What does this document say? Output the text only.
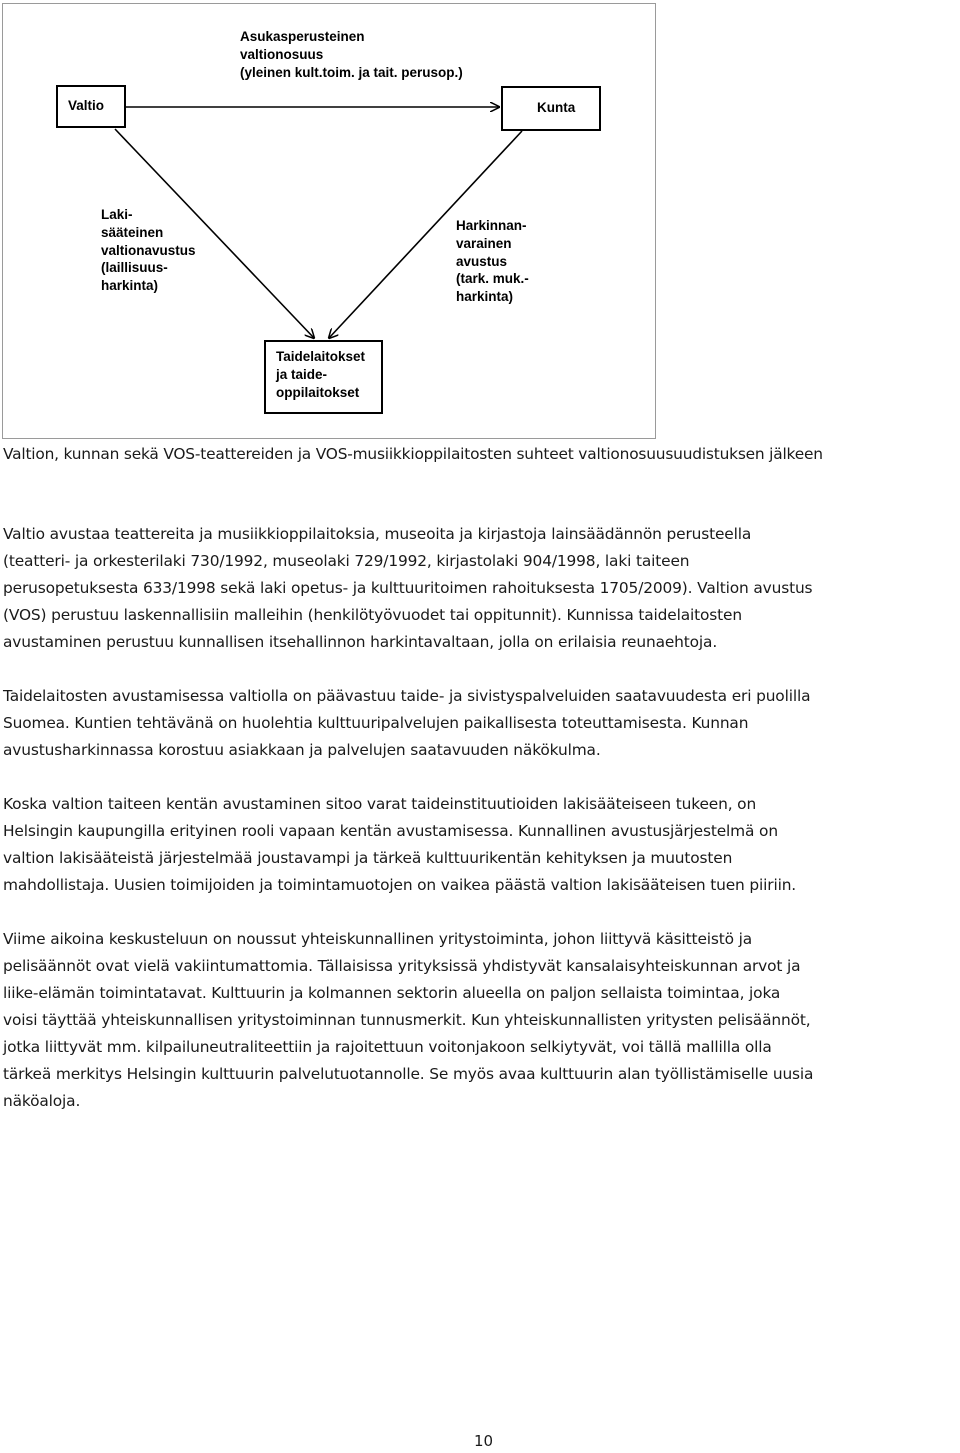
Valtio	Kunta
Taidelaitokset
ja taide-
oppilaitokset
Asukasperusteinen
valtionosuus
(yleinen kult.toim. ja tait. perusop.)
Laki-
sääteinen
valtionavustus
(laillisuus-
harkinta)
Harkinnan-
varainen
avustus
(tark. muk.-
harkinta)
Valtion, kunnan sekä VOS-teattereiden ja VOS-musiikkioppilaitosten suhteet valtionosuusuudistuksen jälkeen
Valtio avustaa teattereita ja musiikkioppilaitoksia, museoita ja kirjastoja lainsäädännön perusteella
(teatteri- ja orkesterilaki 730/1992, museolaki 729/1992, kirjastolaki 904/1998, laki taiteen
perusopetuksesta 633/1998 sekä laki opetus- ja kulttuuritoimen rahoituksesta 1705/2009). Valtion avustus
(VOS) perustuu laskennallisiin malleihin (henkilötyövuodet tai oppitunnit). Kunnissa taidelaitosten
avustaminen perustuu kunnallisen itsehallinnon harkintavaltaan, jolla on erilaisia reunaehtoja.
Taidelaitosten avustamisessa valtiolla on päävastuu taide- ja sivistyspalveluiden saatavuudesta eri puolilla
Suomea. Kuntien tehtävänä on huolehtia kulttuuripalvelujen paikallisesta toteuttamisesta. Kunnan
avustusharkinnassa korostuu asiakkaan ja palvelujen saatavuuden näkökulma.
Koska valtion taiteen kentän avustaminen sitoo varat taideinstituutioiden lakisääteiseen tukeen, on
Helsingin kaupungilla erityinen rooli vapaan kentän avustamisessa. Kunnallinen avustusjärjestelmä on
valtion lakisääteistä järjestelmää joustavampi ja tärkeä kulttuurikentän kehityksen ja muutosten
mahdollistaja. Uusien toimijoiden ja toimintamuotojen on vaikea päästä valtion lakisääteisen tuen piiriin.
Viime aikoina keskusteluun on noussut yhteiskunnallinen yritystoiminta, johon liittyvä käsitteistö ja
pelisäännöt ovat vielä vakiintumattomia. Tällaisissa yrityksissä yhdistyvät kansalaisyhteiskunnan arvot ja
liike-elämän toimintatavat. Kulttuurin ja kolmannen sektorin alueella on paljon sellaista toimintaa, joka
voisi täyttää yhteiskunnallisen yritystoiminnan tunnusmerkit. Kun yhteiskunnallisten yritysten pelisäännöt,
jotka liittyvät mm. kilpailuneutraliteettiin ja rajoitettuun voitonjakoon selkiytyvät, voi tällä mallilla olla
tärkeä merkitys Helsingin kulttuurin palvelutuotannolle. Se myös avaa kulttuurin alan työllistämiselle uusia
näköaloja.
10
